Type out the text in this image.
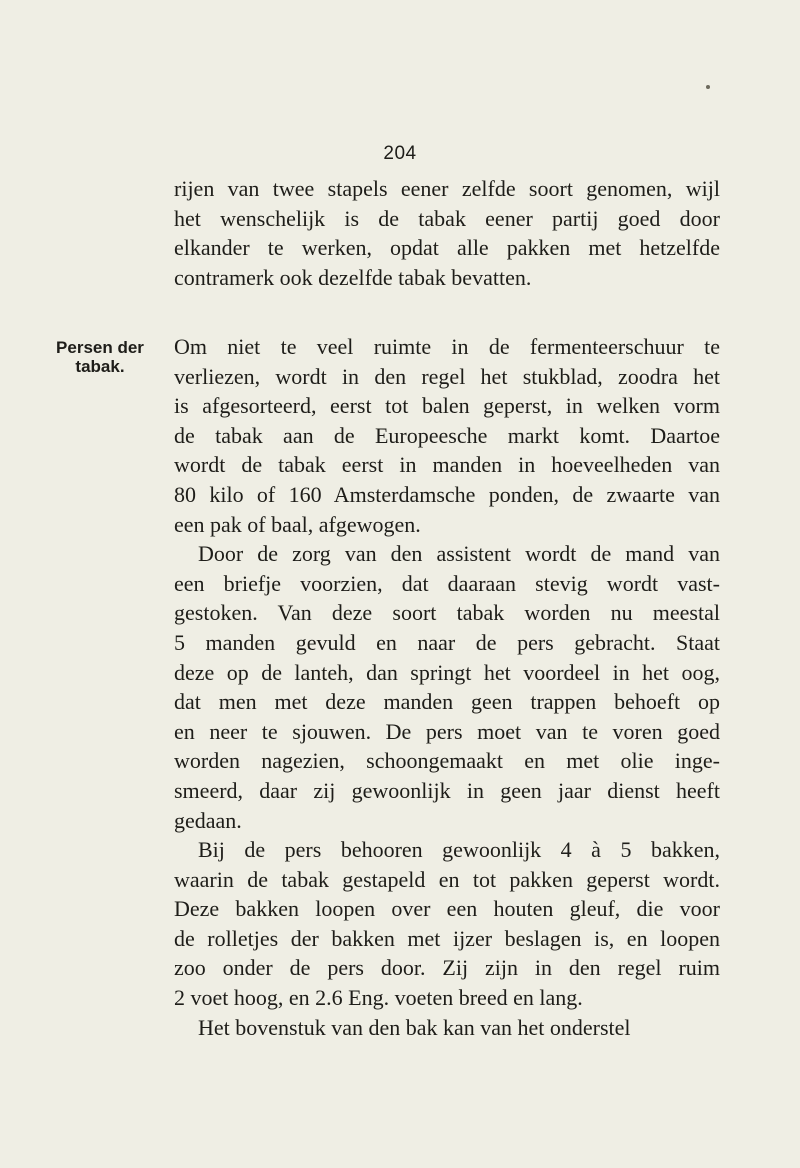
204
Persen der
tabak.
rijen van twee stapels eener zelfde soort genomen, wijl
het wenschelijk is de tabak eener partij goed door
elkander te werken, opdat alle pakken met hetzelfde
contramerk ook dezelfde tabak bevatten.
Om niet te veel ruimte in de fermenteerschuur te
verliezen, wordt in den regel het stukblad, zoodra het
is afgesorteerd, eerst tot balen geperst, in welken vorm
de tabak aan de Europeesche markt komt. Daartoe
wordt de tabak eerst in manden in hoeveelheden van
80 kilo of 160 Amsterdamsche ponden, de zwaarte van
een pak of baal, afgewogen.
Door de zorg van den assistent wordt de mand van
een briefje voorzien, dat daaraan stevig wordt vast-
gestoken. Van deze soort tabak worden nu meestal
5 manden gevuld en naar de pers gebracht. Staat
deze op de lanteh, dan springt het voordeel in het oog,
dat men met deze manden geen trappen behoeft op
en neer te sjouwen. De pers moet van te voren goed
worden nagezien, schoongemaakt en met olie inge-
smeerd, daar zij gewoonlijk in geen jaar dienst heeft
gedaan.
Bij de pers behooren gewoonlijk 4 à 5 bakken,
waarin de tabak gestapeld en tot pakken geperst wordt.
Deze bakken loopen over een houten gleuf, die voor
de rolletjes der bakken met ijzer beslagen is, en loopen
zoo onder de pers door. Zij zijn in den regel ruim
2 voet hoog, en 2.6 Eng. voeten breed en lang.
Het bovenstuk van den bak kan van het onderstel
